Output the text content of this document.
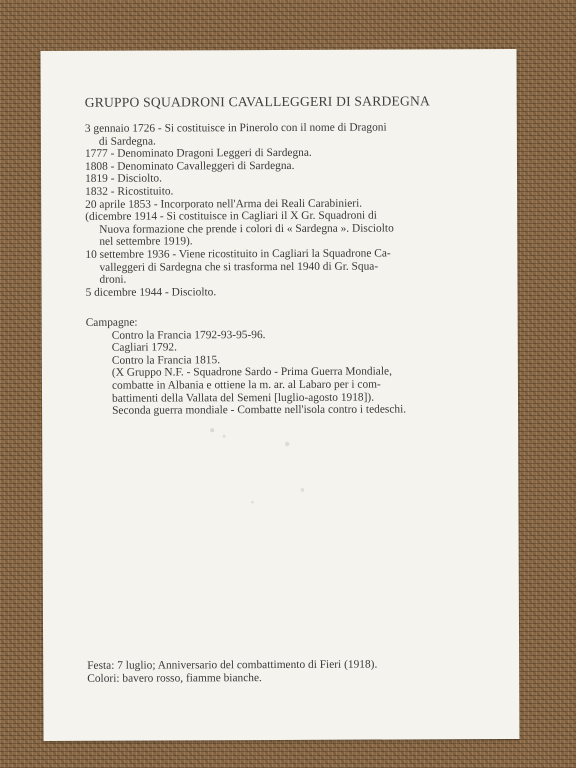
GRUPPO SQUADRONI CAVALLEGGERI DI SARDEGNA
3 gennaio 1726 - Si costituisce in Pinerolo con il nome di Dragoni
di Sardegna.
1777 - Denominato Dragoni Leggeri di Sardegna.
1808 - Denominato Cavalleggeri di Sardegna.
1819 - Disciolto.
1832 - Ricostituito.
20 aprile 1853 - Incorporato nell'Arma dei Reali Carabinieri.
(dicembre 1914 - Si costituisce in Cagliari il X Gr. Squadroni di
Nuova formazione che prende i colori di « Sardegna ». Disciolto
nel settembre 1919).
10 settembre 1936 - Viene ricostituito in Cagliari la Squadrone Ca-
valleggeri di Sardegna che si trasforma nel 1940 di Gr. Squa-
droni.
5 dicembre 1944 - Disciolto.
Campagne:
Contro la Francia 1792-93-95-96.
Cagliari 1792.
Contro la Francia 1815.
(X Gruppo N.F. - Squadrone Sardo - Prima Guerra Mondiale,
combatte in Albania e ottiene la m. ar. al Labaro per i com-
battimenti della Vallata del Semeni [luglio-agosto 1918]).
Seconda guerra mondiale - Combatte nell'isola contro i tedeschi.
Festa: 7 luglio; Anniversario del combattimento di Fieri (1918).
Colori: bavero rosso, fiamme bianche.
